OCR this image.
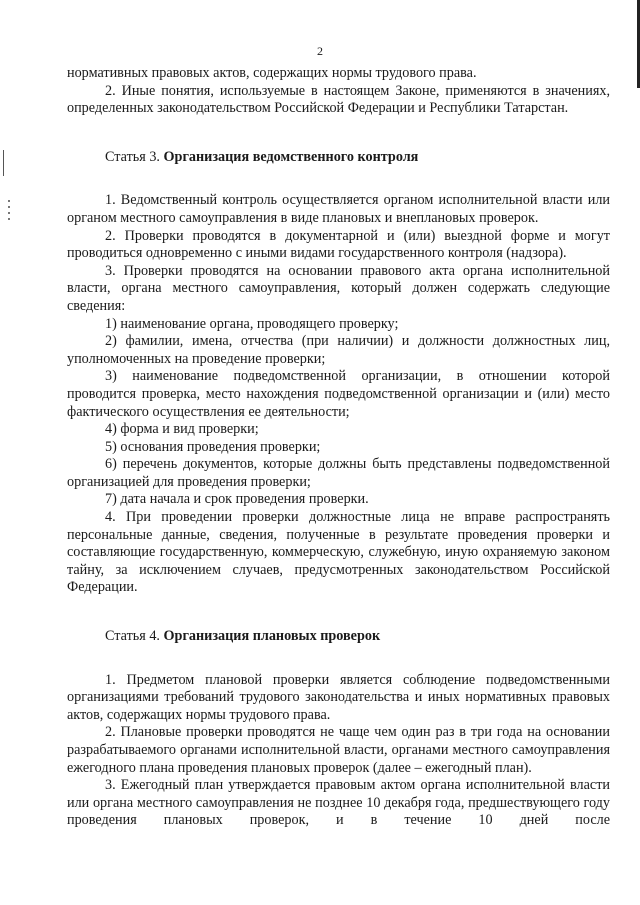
2

нормативных правовых актов, содержащих нормы трудового права.

2. Иные понятия, используемые в настоящем Законе, применяются в значениях, определенных законодательством Российской Федерации и Республики Татарстан.

Статья 3. Организация ведомственного контроля

1. Ведомственный контроль осуществляется органом исполнительной власти или органом местного самоуправления в виде плановых и внеплановых проверок.

2. Проверки проводятся в документарной и (или) выездной форме и могут проводиться одновременно с иными видами государственного контроля (надзора).

3. Проверки проводятся на основании правового акта органа исполнительной власти, органа местного самоуправления, который должен содержать следующие сведения:

1) наименование органа, проводящего проверку;

2) фамилии, имена, отчества (при наличии) и должности должностных лиц, уполномоченных на проведение проверки;

3) наименование подведомственной организации, в отношении которой проводится проверка, место нахождения подведомственной организации и (или) место фактического осуществления ее деятельности;

4) форма и вид проверки;

5) основания проведения проверки;

6) перечень документов, которые должны быть представлены подведомственной организацией для проведения проверки;

7) дата начала и срок проведения проверки.

4. При проведении проверки должностные лица не вправе распространять персональные данные, сведения, полученные в результате проведения проверки и составляющие государственную, коммерческую, служебную, иную охраняемую законом тайну, за исключением случаев, предусмотренных законодательством Российской Федерации.

Статья 4. Организация плановых проверок

1. Предметом плановой проверки является соблюдение подведомственными организациями требований трудового законодательства и иных нормативных правовых актов, содержащих нормы трудового права.

2. Плановые проверки проводятся не чаще чем один раз в три года на основании разрабатываемого органами исполнительной власти, органами местного самоуправления ежегодного плана проведения плановых проверок (далее – ежегодный план).

3. Ежегодный план утверждается правовым актом органа исполнительной власти или органа местного самоуправления не позднее 10 декабря года, предшествующего году проведения плановых проверок, и в течение 10 дней после
